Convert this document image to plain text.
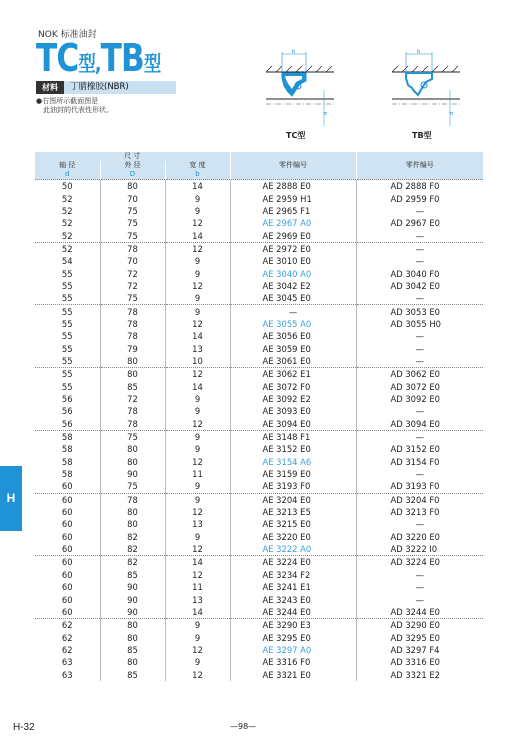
NOK 标准油封
TC型,TB型
材料	丁腈橡胶(NBR)
●右图所示截面图是
　此油封的代表性形状。
b
d
TC型
b
d
TB型
尺 寸			零件编号	零件编号
轴 径	外 径	宽 度		
d	D	b		
50	80	14	AE 2888 E0	AD 2888 F0
52	70	9	AE 2959 H1	AD 2959 F0
52	75	9	AE 2965 F1	—
52	75	12	AE 2967 A0	AD 2967 E0
52	75	14	AE 2969 E0	—
52	78	12	AE 2972 E0	—
54	70	9	AE 3010 E0	—
55	72	9	AE 3040 A0	AD 3040 F0
55	72	12	AE 3042 E2	AD 3042 E0
55	75	9	AE 3045 E0	—
55	78	9	—	AD 3053 E0
55	78	12	AE 3055 A0	AD 3055 H0
55	78	14	AE 3056 E0	—
55	79	13	AE 3059 E0	—
55	80	10	AE 3061 E0	—
55	80	12	AE 3062 E1	AD 3062 E0
55	85	14	AE 3072 F0	AD 3072 E0
56	72	9	AE 3092 E2	AD 3092 E0
56	78	9	AE 3093 E0	—
56	78	12	AE 3094 E0	AD 3094 E0
58	75	9	AE 3148 F1	—
58	80	9	AE 3152 E0	AD 3152 E0
58	80	12	AE 3154 A6	AD 3154 F0
58	90	11	AE 3159 E0	—
60	75	9	AE 3193 F0	AD 3193 F0
60	78	9	AE 3204 E0	AD 3204 F0
60	80	12	AE 3213 E5	AD 3213 F0
60	80	13	AE 3215 E0	—
60	82	9	AE 3220 E0	AD 3220 E0
60	82	12	AE 3222 A0	AD 3222 I0
60	82	14	AE 3224 E0	AD 3224 E0
60	85	12	AE 3234 F2	—
60	90	11	AE 3241 E1	—
60	90	13	AE 3243 E0	—
60	90	14	AE 3244 E0	AD 3244 E0
62	80	9	AE 3290 E3	AD 3290 E0
62	80	9	AE 3295 E0	AD 3295 E0
62	85	12	AE 3297 A0	AD 3297 F4
63	80	9	AE 3316 F0	AD 3316 E0
63	85	12	AE 3321 E0	AD 3321 E2
H
H-32	—98—
